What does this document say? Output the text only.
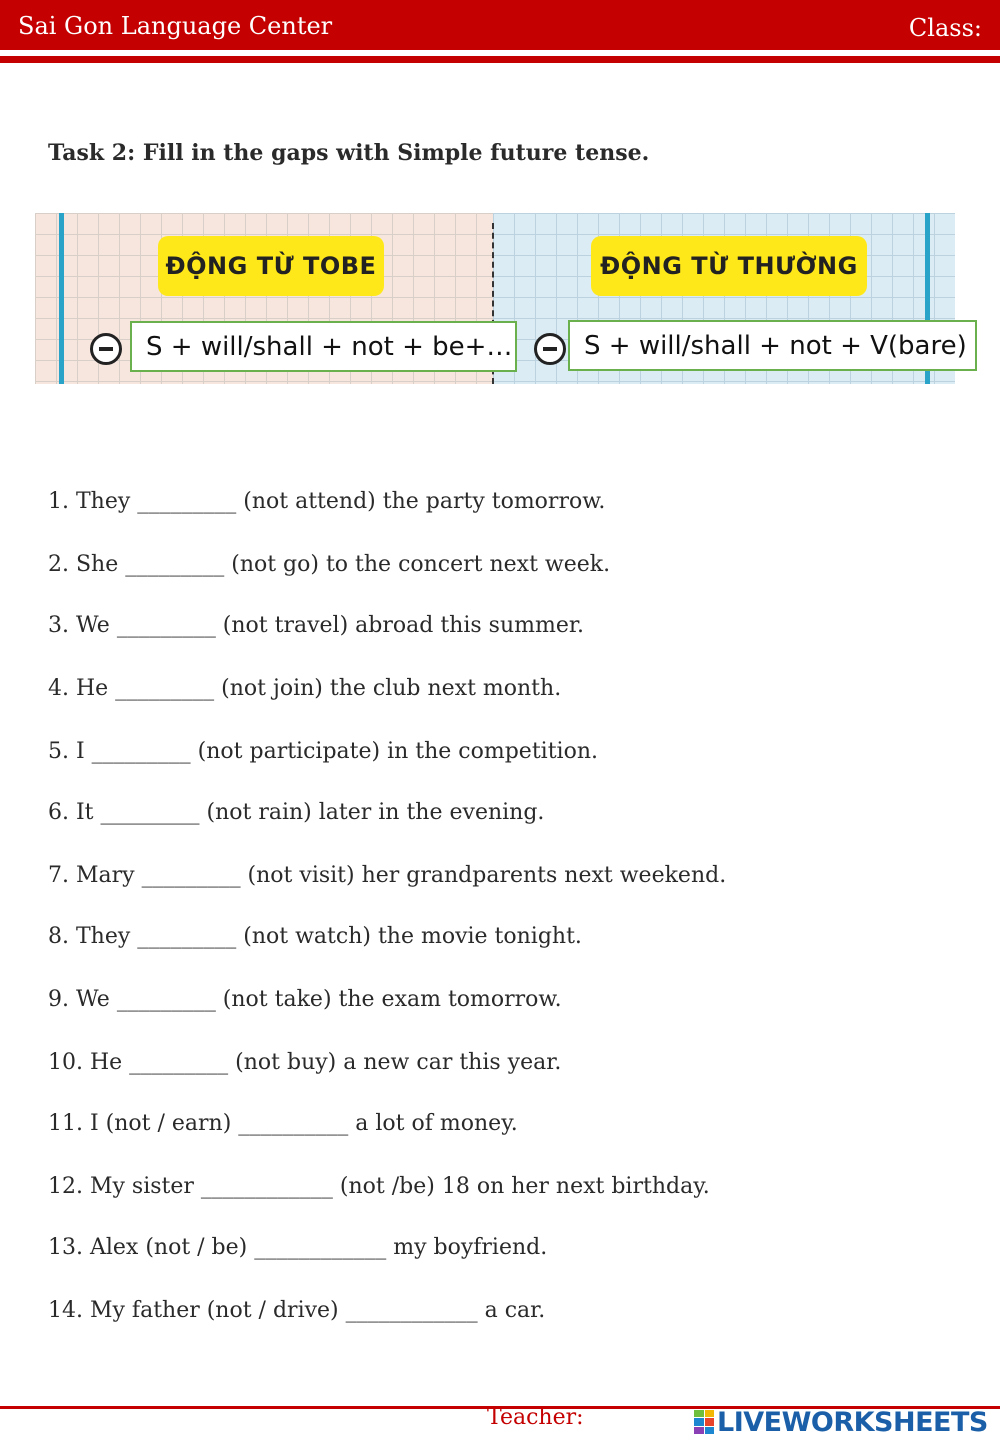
Sai Gon Language Center	Class:
Task 2: Fill in the gaps with Simple future tense.
ĐỘNG TỪ TOBE	ĐỘNG TỪ THƯỜNG
S + will/shall + not + be+…	S + will/shall + not + V(bare)
1. They _________ (not attend) the party tomorrow.
2. She _________ (not go) to the concert next week.
3. We _________ (not travel) abroad this summer.
4. He _________ (not join) the club next month.
5. I _________ (not participate) in the competition.
6. It _________ (not rain) later in the evening.
7. Mary _________ (not visit) her grandparents next weekend.
8. They _________ (not watch) the movie tonight.
9. We _________ (not take) the exam tomorrow.
10. He _________ (not buy) a new car this year.
11. I (not / earn) __________ a lot of money.
12. My sister ____________ (not /be) 18 on her next birthday.
13. Alex (not / be) ____________ my boyfriend.
14. My father (not / drive) ____________ a car.
Teacher:	LIVEWORKSHEETS
